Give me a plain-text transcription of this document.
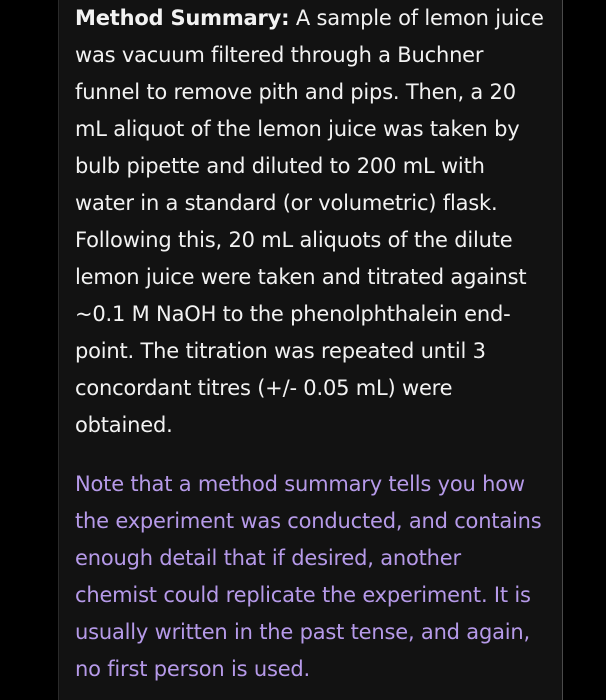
Method Summary: A sample of lemon juice was vacuum filtered through a Buchner funnel to remove pith and pips. Then, a 20 mL aliquot of the lemon juice was taken by bulb pipette and diluted to 200 mL with water in a standard (or volumetric) flask. Following this, 20 mL aliquots of the dilute lemon juice were taken and titrated against ~0.1 M NaOH to the phenolphthalein end-point. The titration was repeated until 3 concordant titres (+/- 0.05 mL) were obtained.

Note that a method summary tells you how the experiment was conducted, and contains enough detail that if desired, another chemist could replicate the experiment. It is usually written in the past tense, and again, no first person is used.
